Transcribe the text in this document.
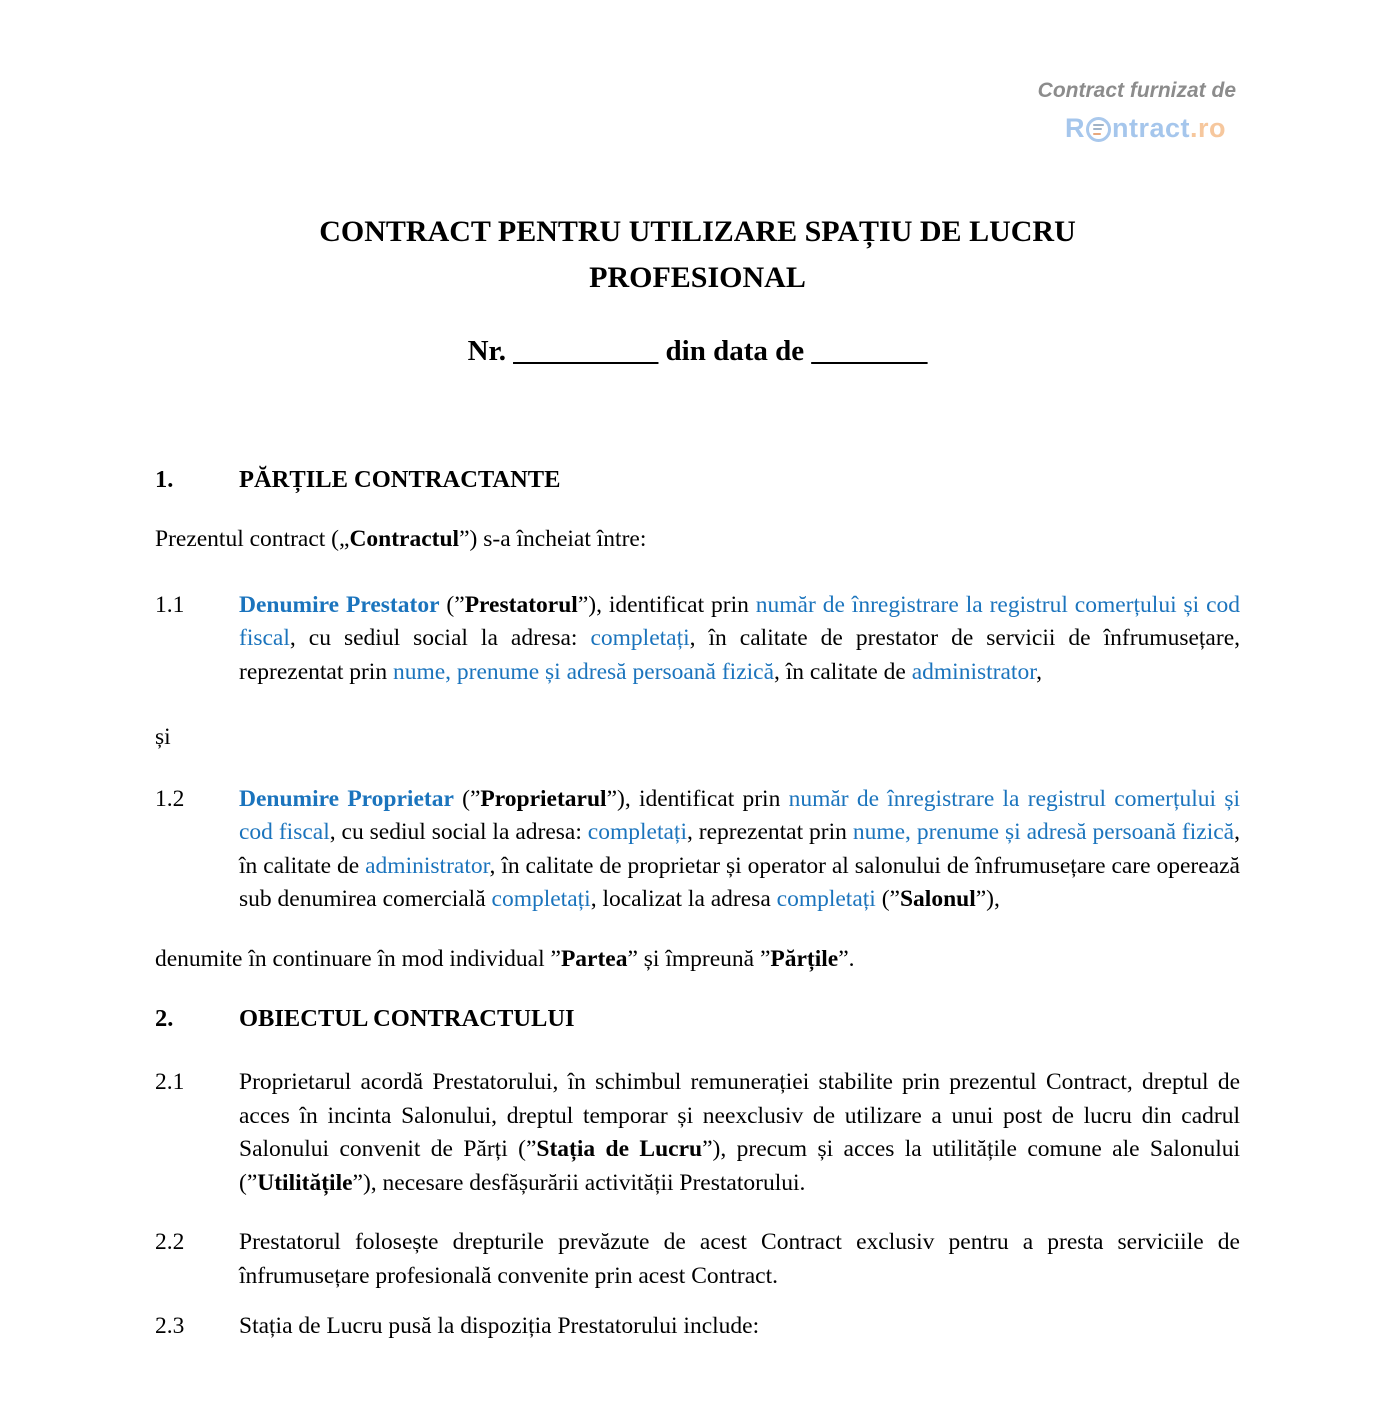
Contract furnizat de
R ntract .ro
CONTRACT PENTRU UTILIZARE SPAȚIU DE LUCRU
PROFESIONAL
Nr. __________ din data de ________
1.	PĂRȚILE CONTRACTANTE
Prezentul contract („Contractul”) s-a încheiat între:
1.1	Denumire Prestator (”Prestatorul”), identificat prin număr de înregistrare la registrul comerțului și cod fiscal, cu sediul social la adresa: completați, în calitate de prestator de servicii de înfrumusețare, reprezentat prin nume, prenume și adresă persoană fizică, în calitate de administrator,
și
1.2	Denumire Proprietar (”Proprietarul”), identificat prin număr de înregistrare la registrul comerțului și cod fiscal, cu sediul social la adresa: completați, reprezentat prin nume, prenume și adresă persoană fizică, în calitate de administrator, în calitate de proprietar și operator al salonului de înfrumusețare care operează sub denumirea comercială completați, localizat la adresa completați (”Salonul”),
denumite în continuare în mod individual ”Partea” și împreună ”Părțile”.
2.	OBIECTUL CONTRACTULUI
2.1	Proprietarul acordă Prestatorului, în schimbul remunerației stabilite prin prezentul Contract, dreptul de acces în incinta Salonului, dreptul temporar și neexclusiv de utilizare a unui post de lucru din cadrul Salonului convenit de Părți (”Stația de Lucru”), precum și acces la utilitățile comune ale Salonului (”Utilitățile”), necesare desfășurării activității Prestatorului.
2.2	Prestatorul folosește drepturile prevăzute de acest Contract exclusiv pentru a presta serviciile de înfrumusețare profesională convenite prin acest Contract.
2.3	Stația de Lucru pusă la dispoziția Prestatorului include:
